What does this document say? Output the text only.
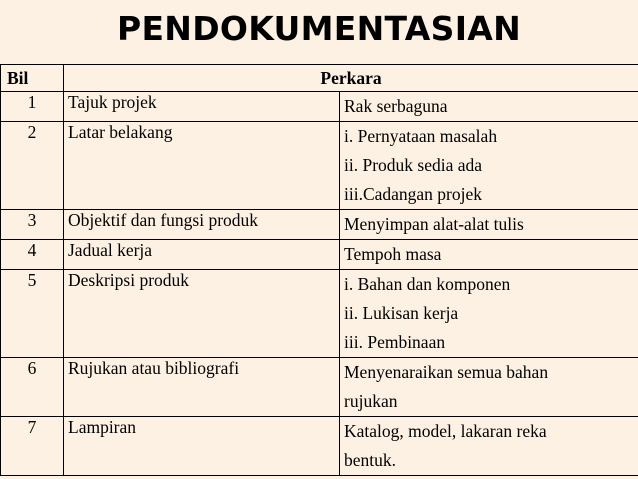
PENDOKUMENTASIAN
Bil	Perkara	
1	Tajuk projek	Rak serbaguna

2	Latar belakang	i. Pernyataan masalah
ii. Produk sedia ada
iii.Cadangan projek

3	Objektif dan fungsi produk	Menyimpan alat-alat tulis

4	Jadual kerja	Tempoh masa

5	Deskripsi produk	i. Bahan dan komponen
ii. Lukisan kerja
iii. Pembinaan

6	Rujukan atau bibliografi	Menyenaraikan semua bahan
rujukan

7	Lampiran	Katalog, model, lakaran reka
bentuk.
